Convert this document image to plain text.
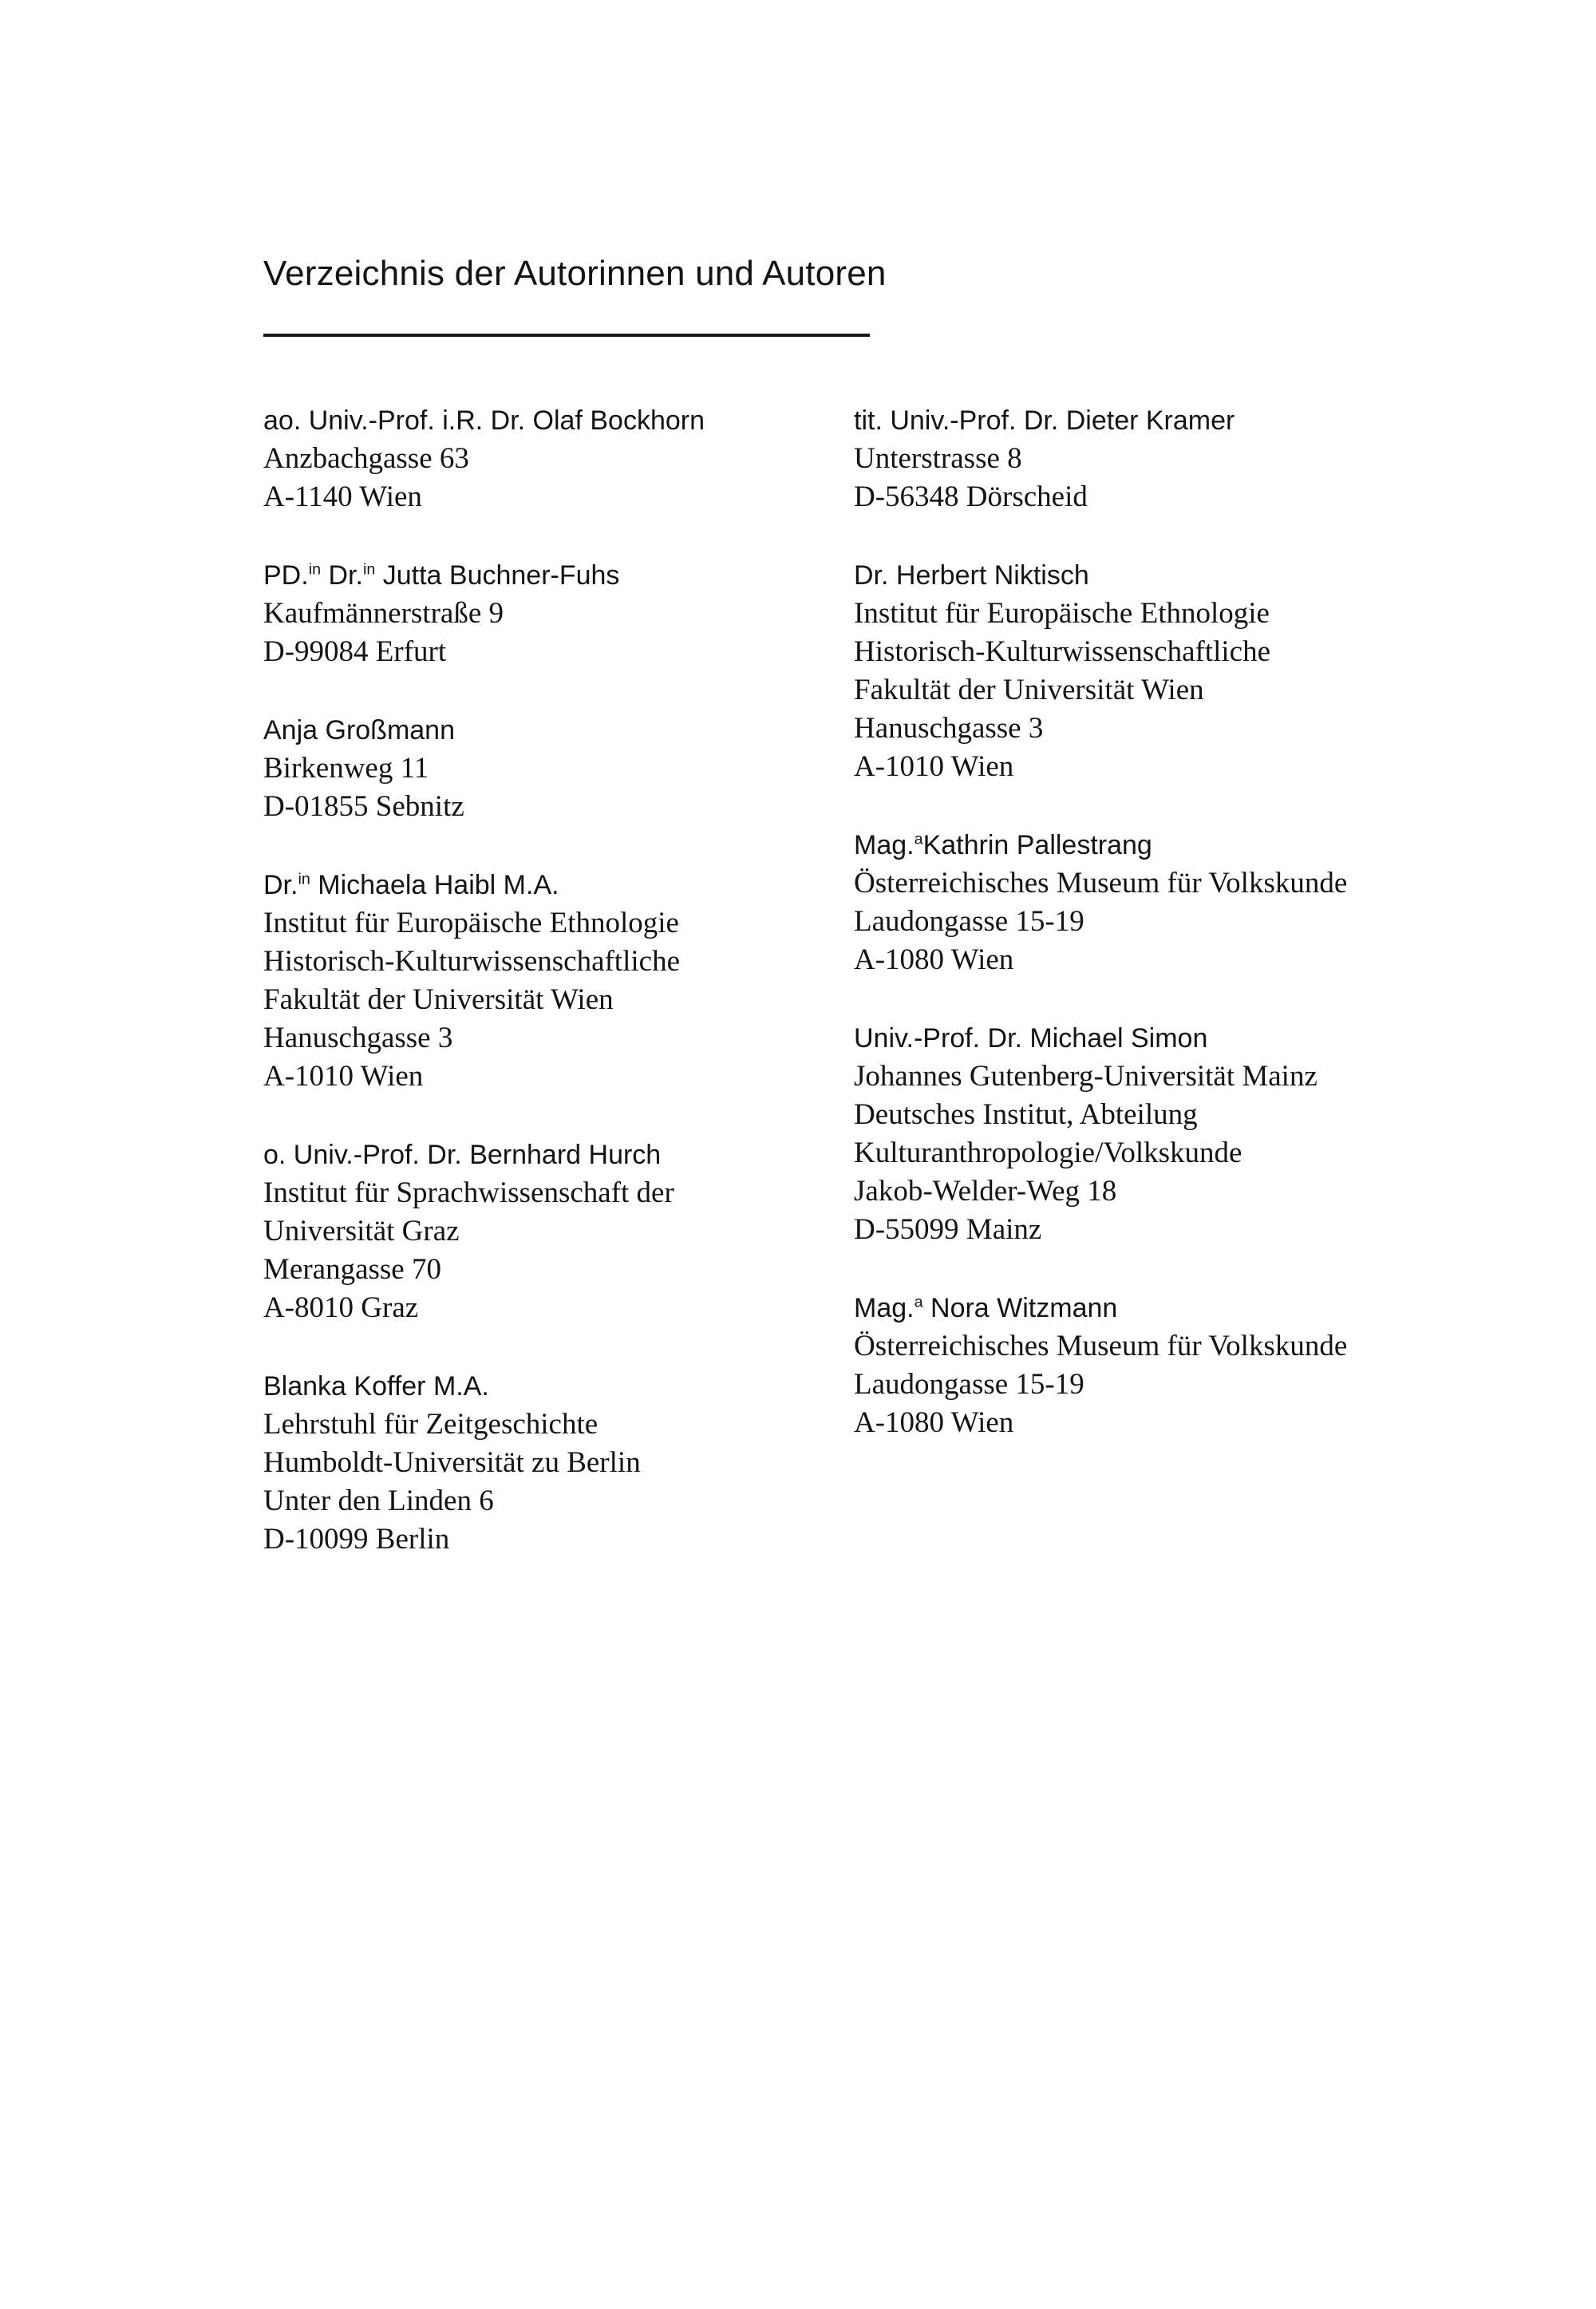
Verzeichnis der Autorinnen und Autoren
ao. Univ.-Prof. i.R. Dr. Olaf Bockhorn
Anzbachgasse 63
A-1140 Wien
PD.$^{in}$ Dr.$^{in}$ Jutta Buchner-Fuhs
Kaufmännerstraße 9
D-99084 Erfurt
Anja Großmann
Birkenweg 11
D-01855 Sebnitz
Dr.$^{in}$ Michaela Haibl M.A.
Institut für Europäische Ethnologie
Historisch-Kulturwissenschaftliche
Fakultät der Universität Wien
Hanuschgasse 3
A-1010 Wien
o. Univ.-Prof. Dr. Bernhard Hurch
Institut für Sprachwissenschaft der
Universität Graz
Merangasse 70
A-8010 Graz
Blanka Koffer M.A.
Lehrstuhl für Zeitgeschichte
Humboldt-Universität zu Berlin
Unter den Linden 6
D-10099 Berlin
tit. Univ.-Prof. Dr. Dieter Kramer
Unterstrasse 8
D-56348 Dörscheid
Dr. Herbert Niktisch
Institut für Europäische Ethnologie
Historisch-Kulturwissenschaftliche
Fakultät der Universität Wien
Hanuschgasse 3
A-1010 Wien
Mag.$^a$Kathrin Pallestrang
Österreichisches Museum für Volkskunde
Laudongasse 15-19
A-1080 Wien
Univ.-Prof. Dr. Michael Simon
Johannes Gutenberg-Universität Mainz
Deutsches Institut, Abteilung
Kulturanthropologie/Volkskunde
Jakob-Welder-Weg 18
D-55099 Mainz
Mag.$^a$ Nora Witzmann
Österreichisches Museum für Volkskunde
Laudongasse 15-19
A-1080 Wien
